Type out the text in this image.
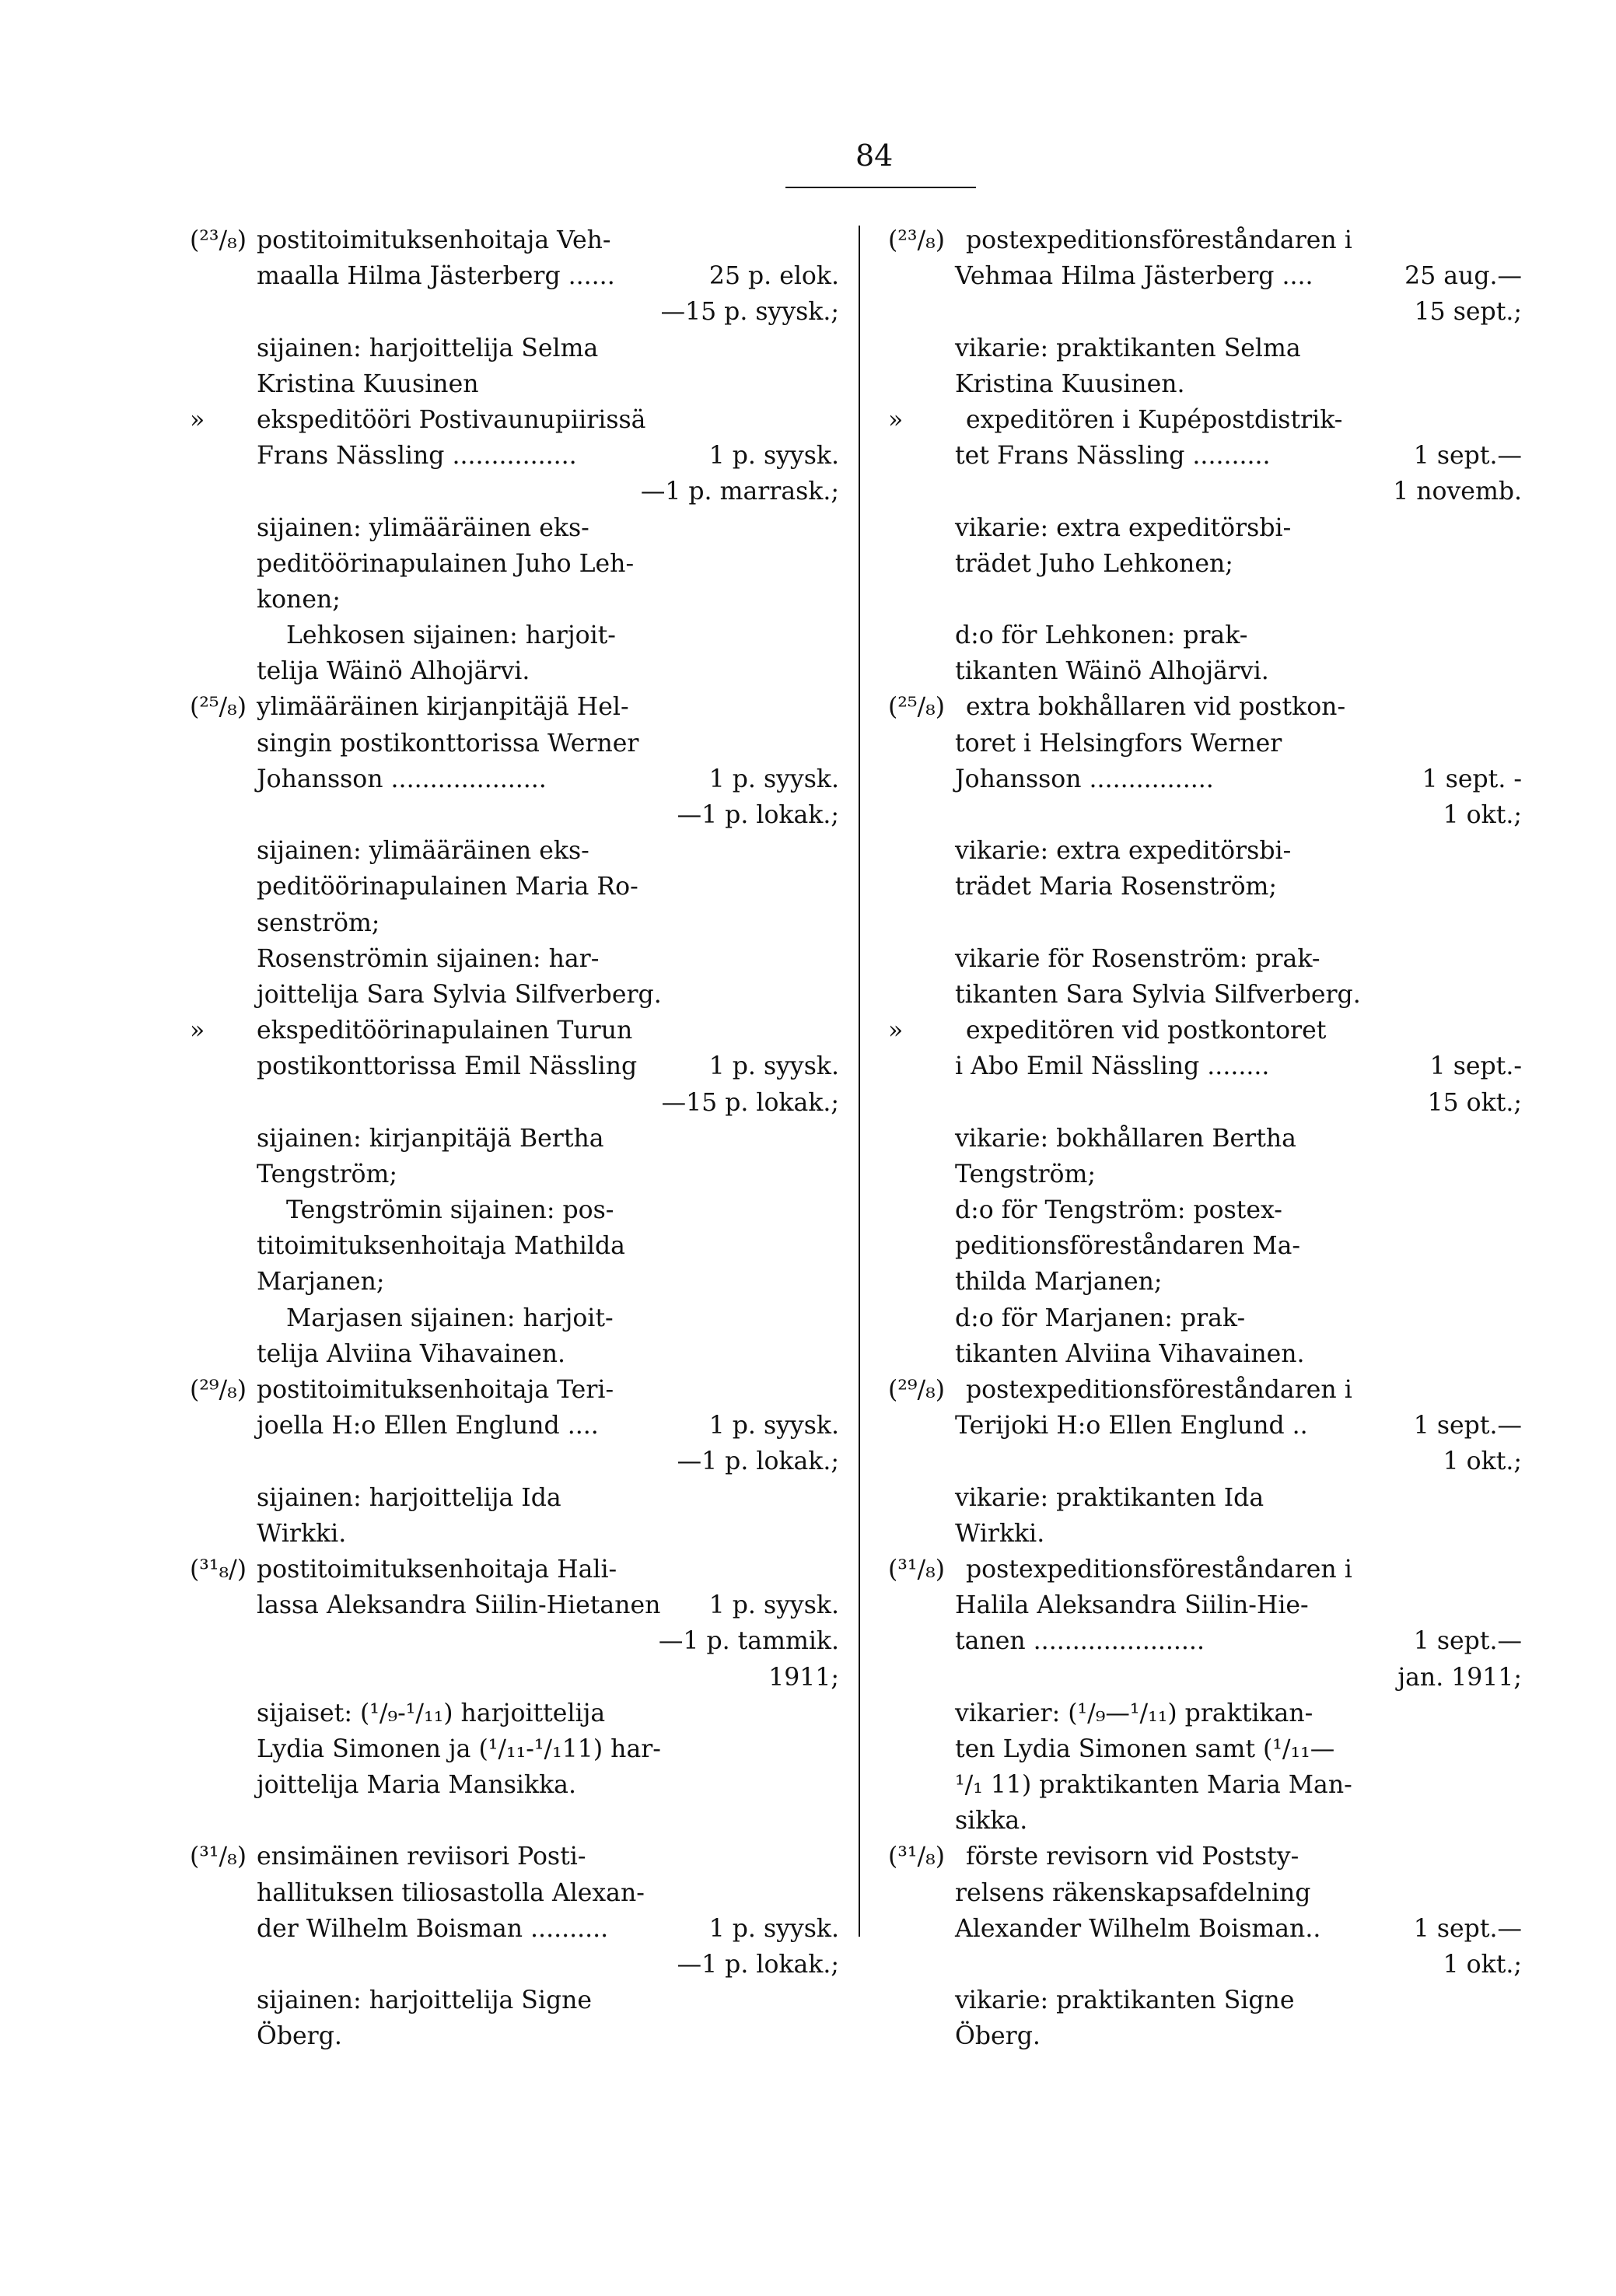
84
(²³/₈) postitoimituksenhoitaja Veh-
maalla Hilma Jästerberg ......	25 p. elok.
—15 p. syysk.;
sijainen: harjoittelija Selma
Kristina Kuusinen
» ekspeditööri Postivaunupiirissä
Frans Nässling ................	1 p. syysk.
—1 p. marrask.;
sijainen: ylimääräinen eks-
peditöörinapulainen Juho Leh-
konen;
Lehkosen sijainen: harjoit-
telija Wäinö Alhojärvi.
(²⁵/₈) ylimääräinen kirjanpitäjä Hel-
singin postikonttorissa Werner
Johansson ....................	1 p. syysk.
—1 p. lokak.;
sijainen: ylimääräinen eks-
peditöörinapulainen Maria Ro-
senström;
Rosenströmin sijainen: har-
joittelija Sara Sylvia Silfverberg.
» ekspeditöörinapulainen Turun
postikonttorissa Emil Nässling	1 p. syysk.
—15 p. lokak.;
sijainen: kirjanpitäjä Bertha
Tengström;
Tengströmin sijainen: pos-
titoimituksenhoitaja Mathilda
Marjanen;
Marjasen sijainen: harjoit-
telija Alviina Vihavainen.
(²⁹/₈) postitoimituksenhoitaja Teri-
joella H:o Ellen Englund ....	1 p. syysk.
—1 p. lokak.;
sijainen: harjoittelija Ida
Wirkki.
(³¹₈/) postitoimituksenhoitaja Hali-
lassa Aleksandra Siilin-Hietanen 1 p. syysk.
—1 p. tammik.
1911;
sijaiset: (¹/₉-¹/₁₁) harjoittelija
Lydia Simonen ja (¹/₁₁-¹/₁11) har-
joittelija Maria Mansikka.
(³¹/₈) ensimäinen reviisori Posti-
hallituksen tiliosastolla Alexan-
der Wilhelm Boisman ..........	1 p. syysk.
—1 p. lokak.;
sijainen: harjoittelija Signe
Öberg.
(²³/₈) postexpeditionsföreståndaren i
Vehmaa Hilma Jästerberg ....	25 aug.—
15 sept.;
vikarie: praktikanten Selma
Kristina Kuusinen.
»	expeditören i Kupépostdistrik-
tet Frans Nässling ..........	1 sept.—
1 novemb.
vikarie: extra expeditörsbi-
trädet Juho Lehkonen;
d:o för Lehkonen: prak-
tikanten Wäinö Alhojärvi.
(²⁵/₈) extra bokhållaren vid postkon-
toret i Helsingfors Werner
Johansson ................	1 sept. -
1 okt.;
vikarie: extra expeditörsbi-
trädet Maria Rosenström;
vikarie för Rosenström: prak-
tikanten Sara Sylvia Silfverberg.
»	expeditören vid postkontoret
i Abo Emil Nässling ........	1 sept.-
15 okt.;
vikarie: bokhållaren Bertha
Tengström;
d:o för Tengström: postex-
peditionsföreståndaren Ma-
thilda Marjanen;
d:o för Marjanen: prak-
tikanten Alviina Vihavainen.
(²⁹/₈) postexpeditionsföreståndaren i
Terijoki H:o Ellen Englund ..	1 sept.—
1 okt.;
vikarie: praktikanten Ida
Wirkki.
(³¹/₈) postexpeditionsföreståndaren i
Halila Aleksandra Siilin-Hie-
tanen ......................	1 sept.—
jan. 1911;
vikarier: (¹/₉—¹/₁₁) praktikan-
ten Lydia Simonen samt (¹/₁₁—
¹/₁ 11) praktikanten Maria Man-
sikka.
(³¹/₈) förste revisorn vid Poststy-
relsens räkenskapsafdelning
Alexander Wilhelm Boisman..	1 sept.—
1 okt.;
vikarie: praktikanten Signe
Öberg.
